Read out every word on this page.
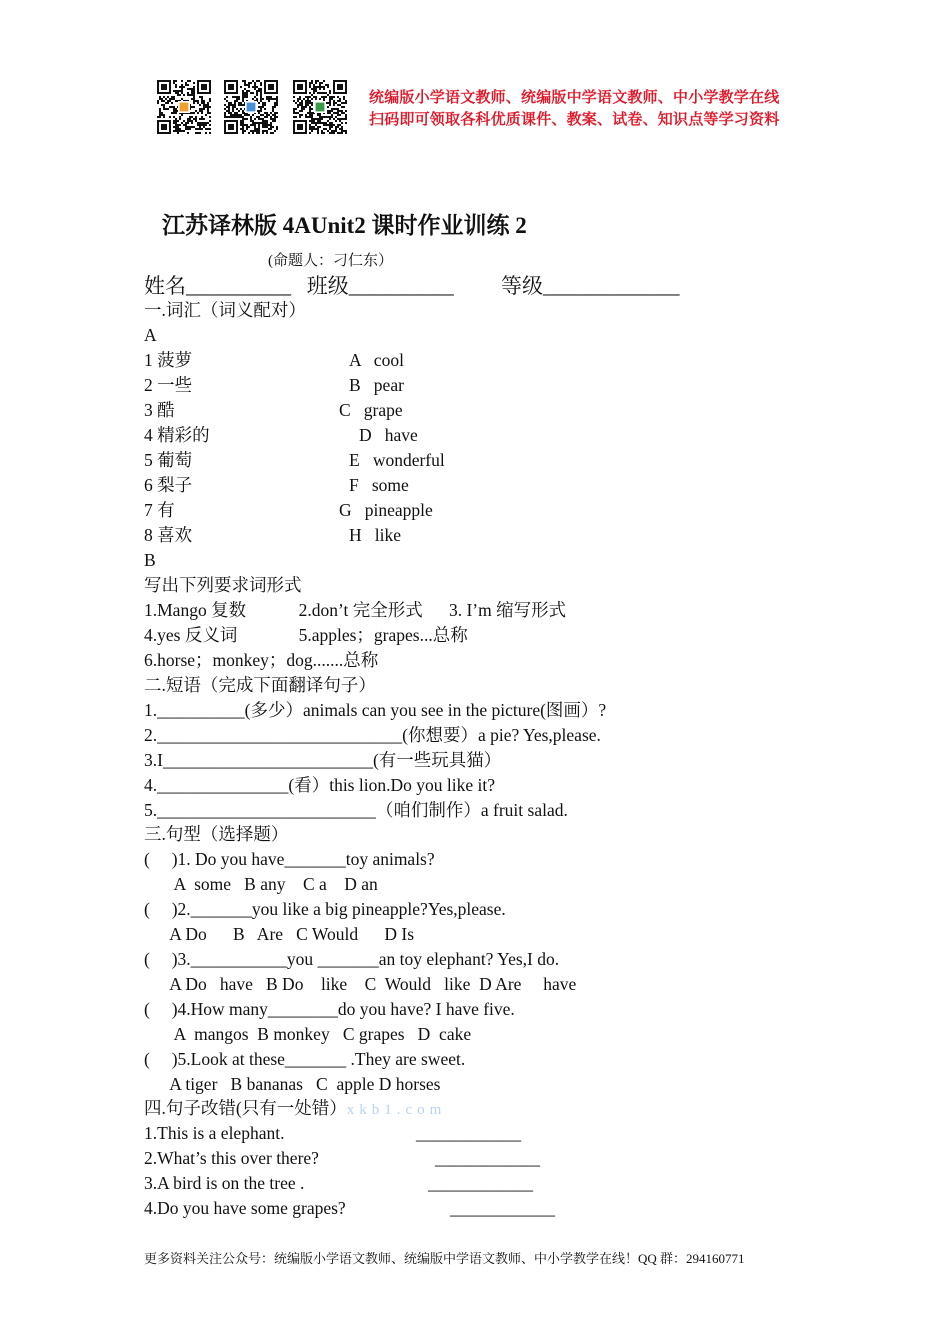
统编版小学语文教师、统编版中学语文教师、中小学教学在线
扫码即可领取各科优质课件、教案、试卷、知识点等学习资料
江苏译林版 4AUnit2 课时作业训练 2
(命题人：刁仁东）
姓名__________   班级__________         等级_____________
一.词汇（词义配对）
A
1 菠萝	A   cool
2 一些	B   pear
3 酷	C   grape
4 精彩的	D   have
5 葡萄	E   wonderful
6 梨子	F   some
7 有	G   pineapple
8 喜欢	H   like
B
写出下列要求词形式
1.Mango 复数            2.don’t 完全形式      3. I’m 缩写形式
4.yes 反义词              5.apples；grapes...总称
6.horse；monkey；dog.......总称
二.短语（完成下面翻译句子）
1.__________(多少）animals can you see in the picture(图画）?
2.____________________________(你想要）a pie? Yes,please.
3.I________________________(有一些玩具猫）
4._______________(看）this lion.Do you like it?
5._________________________（咱们制作）a fruit salad.
三.句型（选择题）
(     )1. Do you have_______toy animals?
A  some   B any    C a    D an
(     )2._______you like a big pineapple?Yes,please.
A Do      B   Are   C Would      D Is
(     )3.___________you _______an toy elephant? Yes,I do.
A Do   have   B Do    like    C  Would   like  D Are     have
(     )4.How many________do you have? I have five.
A  mangos  B monkey   C grapes   D  cake
(     )5.Look at these_______ .They are sweet.
A tiger   B bananas   C  apple D horses
四.句子改错(只有一处错）xkb1.com
1.This is a elephant.	____________
2.What’s this over there?	____________
3.A bird is on the tree .	____________
4.Do you have some grapes?	____________
更多资料关注公众号：统编版小学语文教师、统编版中学语文教师、中小学教学在线！QQ 群：294160771
